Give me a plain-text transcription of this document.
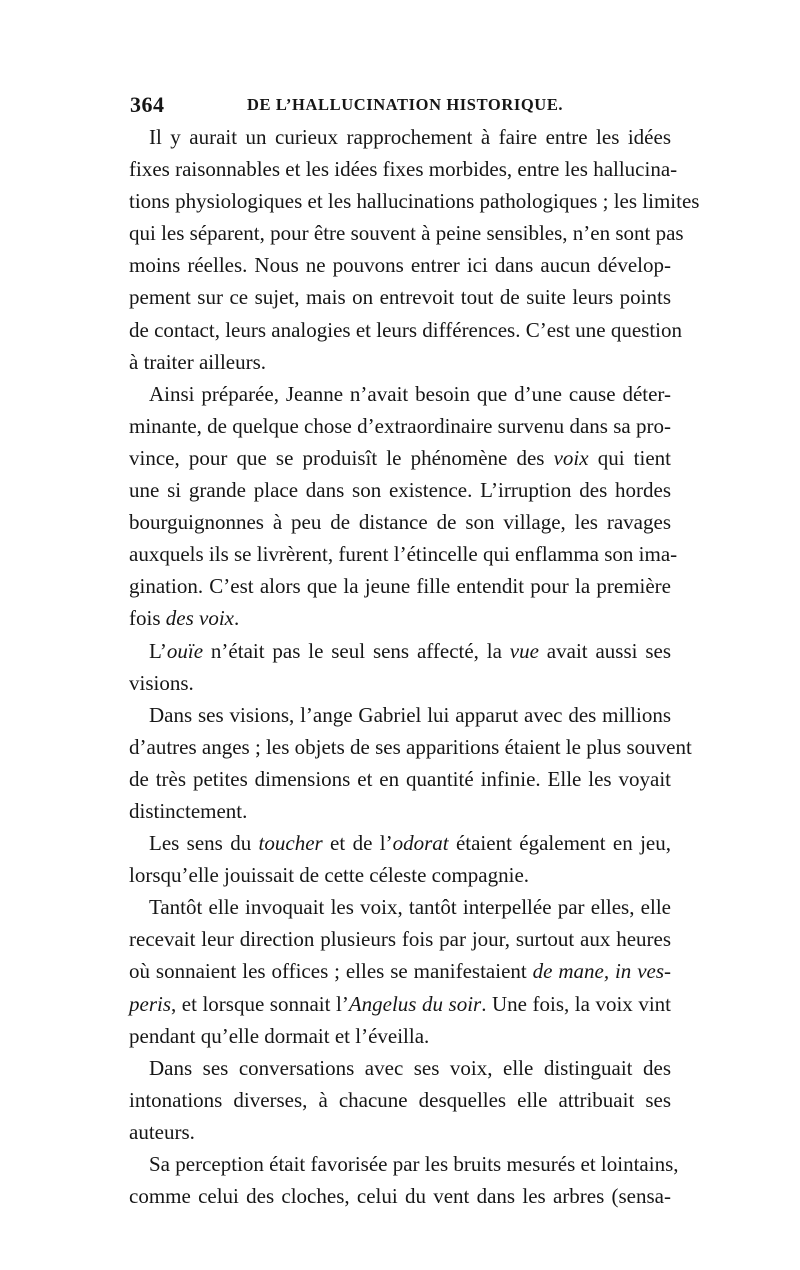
364	DE L’HALLUCINATION HISTORIQUE.
Il y aurait un curieux rapprochement à faire entre les idées
fixes raisonnables et les idées fixes morbides, entre les hallucina-
tions physiologiques et les hallucinations pathologiques ; les limites
qui les séparent, pour être souvent à peine sensibles, n’en sont pas
moins réelles. Nous ne pouvons entrer ici dans aucun dévelop-
pement sur ce sujet, mais on entrevoit tout de suite leurs points
de contact, leurs analogies et leurs différences. C’est une question
à traiter ailleurs.
Ainsi préparée, Jeanne n’avait besoin que d’une cause déter-
minante, de quelque chose d’extraordinaire survenu dans sa pro-
vince, pour que se produisît le phénomène des voix qui tient
une si grande place dans son existence. L’irruption des hordes
bourguignonnes à peu de distance de son village, les ravages
auxquels ils se livrèrent, furent l’étincelle qui enflamma son ima-
gination. C’est alors que la jeune fille entendit pour la première
fois des voix.
L’ouïe n’était pas le seul sens affecté, la vue avait aussi ses
visions.
Dans ses visions, l’ange Gabriel lui apparut avec des millions
d’autres anges ; les objets de ses apparitions étaient le plus souvent
de très petites dimensions et en quantité infinie. Elle les voyait
distinctement.
Les sens du toucher et de l’odorat étaient également en jeu,
lorsqu’elle jouissait de cette céleste compagnie.
Tantôt elle invoquait les voix, tantôt interpellée par elles, elle
recevait leur direction plusieurs fois par jour, surtout aux heures
où sonnaient les offices ; elles se manifestaient de mane, in ves-
peris, et lorsque sonnait l’Angelus du soir. Une fois, la voix vint
pendant qu’elle dormait et l’éveilla.
Dans ses conversations avec ses voix, elle distinguait des
intonations diverses, à chacune desquelles elle attribuait ses
auteurs.
Sa perception était favorisée par les bruits mesurés et lointains,
comme celui des cloches, celui du vent dans les arbres (sensa-
